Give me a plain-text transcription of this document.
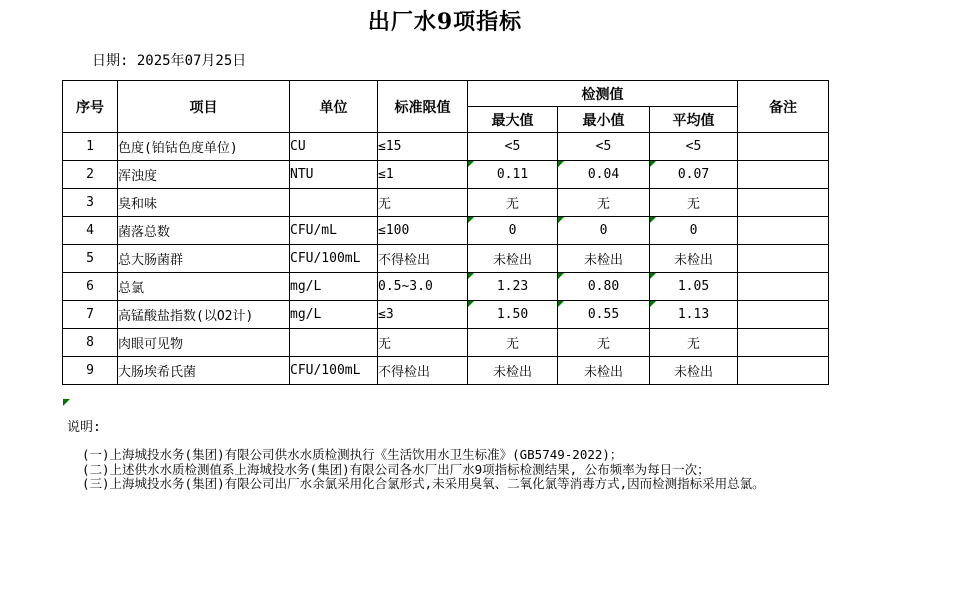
出厂水9项指标
日期: 2025年07月25日
序号	项目	单位	标准限值	检测值			备注
				最大值	最小值	平均值	
1	色度(铂钴色度单位)	CU	≤15	<5	<5	<5	
2	浑浊度	NTU	≤1	0.11	0.04	0.07	
3	臭和味		无	无	无	无	
4	菌落总数	CFU/mL	≤100	0	0	0	
5	总大肠菌群	CFU/100mL	不得检出	未检出	未检出	未检出	
6	总氯	mg/L	0.5~3.0	1.23	0.80	1.05	
7	高锰酸盐指数(以O2计)	mg/L	≤3	1.50	0.55	1.13	
8	肉眼可见物		无	无	无	无	
9	大肠埃希氏菌	CFU/100mL	不得检出	未检出	未检出	未检出	
说明:
(一)上海城投水务(集团)有限公司供水水质检测执行《生活饮用水卫生标准》(GB5749-2022)；
(二)上述供水水质检测值系上海城投水务(集团)有限公司各水厂出厂水9项指标检测结果, 公布频率为每日一次；
(三)上海城投水务(集团)有限公司出厂水余氯采用化合氯形式,未采用臭氧、二氧化氯等消毒方式,因而检测指标采用总氯。
